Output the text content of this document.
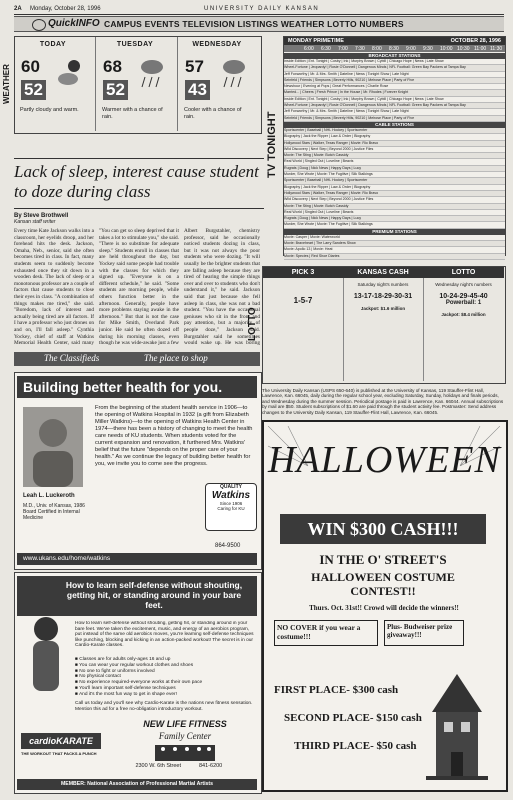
2A Monday, October 28, 1996	UNIVERSITY DAILY KANSAN
QuickINFO CAMPUS EVENTS TELEVISION LISTINGS WEATHER LOTTO NUMBERS
WEATHER
TODAY
60
52
Partly cloudy and warm.
TUESDAY
68
52
Warmer with a chance of rain.
WEDNESDAY
57
43
Cooler with a chance of rain.	TV TONIGHT
MONDAY PRIMETIME	OCTOBER 28, 1996
6:00 6:30 7:00 7:30 8:00 8:30 9:00 9:30 10:00 10:30 11:00 11:30
BROADCAST STATIONS
Inside Edition | Ent. Tonight | Cosby | Ink | Murphy Brown | Cybill | Chicago Hope | News | Late Show
Wheel-Fortune | Jeopardy! | Rosie O'Donnell | Dangerous Minds | NFL Football: Green Bay Packers at Tampa Bay
Jeff Foxworthy | Mr. & Mrs. Smith | Dateline | News | Tonight Show | Late Night
Seinfeld | Friends | Simpsons | Beverly Hills, 90210 | Melrose Place | Party of Five
Newshour | Evening at Pops | Great Performances | Charlie Rose
Married... | Cheers | Fresh Prince | In the House | Mr. Rhodes | Forever Knight
Inside Edition | Ent. Tonight | Cosby | Ink | Murphy Brown | Cybill | Chicago Hope | News | Late Show
Wheel-Fortune | Jeopardy! | Rosie O'Donnell | Dangerous Minds | NFL Football: Green Bay Packers at Tampa Bay
Jeff Foxworthy | Mr. & Mrs. Smith | Dateline | News | Tonight Show | Late Night
Seinfeld | Friends | Simpsons | Beverly Hills, 90210 | Melrose Place | Party of Five
CABLE STATIONS
Sportscenter | Baseball | NHL Hockey | Sportscenter
Biography | Jack the Ripper | Law & Order | Biography
Hollywood Stars | Walker, Texas Ranger | Movie: Rio Bravo
Wild Discovery | Next Step | Beyond 2000 | Justice Files
Movie: The Sting | Movie: Butch Cassidy
Real World | Singled Out | Loveline | Beavis
Rugrats | Doug | Nick News | Happy Days | Lucy
Murder, She Wrote | Movie: The Fugitive | Silk Stalkings
Sportscenter | Baseball | NHL Hockey | Sportscenter
Biography | Jack the Ripper | Law & Order | Biography
Hollywood Stars | Walker, Texas Ranger | Movie: Rio Bravo
Wild Discovery | Next Step | Beyond 2000 | Justice Files
Movie: The Sting | Movie: Butch Cassidy
Real World | Singled Out | Loveline | Beavis
Rugrats | Doug | Nick News | Happy Days | Lucy
Murder, She Wrote | Movie: The Fugitive | Silk Stalkings
PREMIUM STATIONS
Movie: Casper | Movie: Waterworld
Movie: Braveheart | The Larry Sanders Show
Movie: Apollo 13 | Movie: Heat
Movie: Species | Red Shoe Diaries
Lack of sleep, interest cause student to doze during class
By Steve Brothwell
Kansan staff writer
Every time Kate Jackson walks into a classroom, her eyelids droop, and her forehead hits the desk. Jackson, Omaha, Neb., senior, said she often becomes tired in class. In fact, many students seem to suddenly become exhausted once they sit down in a wooden desk. The lack of sleep or a monotonous professor are a couple of factors that cause students to close their eyes in class. "A combination of things makes me tired," she said. "Boredom, lack of interest and actually being tired are all factors. If I have a professor who just drones on and on, I'll fall asleep." Cynthia Yockey, chief of staff at Watkins Memorial Health Center, said many
"You can get so sleep deprived that it takes a lot to stimulate you," she said. "There is no substitute for adequate sleep." Students enroll in classes that are held throughout the day, but Yockey said some people had trouble with the classes for which they signed up. "Everyone is on a different schedule," he said. "Some students are morning people, while others function better in the afternoon. Generally, people have more problems staying awake in the afternoon." But that is not the case for Mike Smith, Overland Park junior. He said he often dozed off during his morning classes, even though he was wide-awake just a few
Albert Burgstahler, chemistry professor, said he occasionally noticed students dozing in class, but it was not always the poor students who were dozing. "It will usually be the brighter students that are falling asleep because they are tired of hearing the simple things over and over to students who don't understand it," he said. Jackson said that just because she fell asleep in class, she was not a bad student. "You have the occasional geniuses who sit in the front and pay attention, but a majority of people doze," Jackson said. Burgstahler said he sometimes would wake up. He was boring
LOTTO
PICK 3
1-5-7
KANSAS CASH
Saturday night's numbers
13-17-18-29-30-31
Jackpot: $1.6 million
LOTTO
Wednesday night's numbers
10-24-29-45-40
Powerball: 1
Jackpot: $8.4 million
The University Daily Kansan (USPS 650-640) is published at the University of Kansas, 119 Stauffer-Flint Hall, Lawrence, Kan. 66045, daily during the regular school year, excluding Saturday, Sunday, holidays and finals periods, and Wednesday during the summer session. Periodical postage is paid in Lawrence, Kan. 66044. Annual subscriptions by mail are $50. Student subscriptions of $1.60 are paid through the student activity fee. Postmaster: Send address changes to the University Daily Kansan, 119 Stauffer-Flint Hall, Lawrence, Kan. 66045.
The Classifieds	The place to shop
Building better health for you.
Leah L. Luckeroth
M.D., Univ. of Kansas, 1986
Board Certified in Internal Medicine
From the beginning of the student health service in 1906—to the opening of Watkins Hospital in 1932 (a gift from Elizabeth Miller Watkins)—to the opening of Watkins Health Center in 1974—there has been a history of changing to meet the health care needs of KU students. When students voted for the current expansion and renovation, it furthered Mrs. Watkins' belief that the future "depends on the proper care of your health." As we continue the legacy of building better health for you, we invite you to come see the progress.
QUALITY
Watkins
Since 1906
Caring for KU
864-9500
www.ukans.edu/home/watkins
How to learn self-defense without shouting, getting hit, or standing around in your bare feet.
How to learn self-defense without shouting, getting hit, or standing around in your bare feet. We've taken the excitement, music, and energy of an aerobics program, put instead of the same old aerobics moves, you're learning self-defense techniques like punching, blocking and kicking in an action-packed workout! The secret is in our Cardio-Karate classes.
■ Classes are for adults only-ages 16 and up
■ You can wear your regular workout clothes and shoes
■ No one to fight or uniforms involved
■ No physical contact
■ No experience required-everyone works at their own pace
■ You'll learn important self-defense techniques
■ And it's the most fun way to get in shape ever!
Call us today and you'll see why Cardio-Karate is the nations new fitness sensation. Mention this ad for a free no-obligation introductory workout.
NEW LIFE FITNESS
Family Center
2300 W. 6th Street	841-6200
cardioKARATE
THE WORKOUT THAT PACKS A PUNCH
MEMBER: National Association of Professional Martial Artists
HALLOWEEN
WIN $300 CASH!!!
IN THE O' STREET'S
HALLOWEEN COSTUME CONTEST!!
Thurs. Oct. 31st!! Crowd will decide the winners!!
NO COVER if you wear a costume!!!
Plus- Budweiser prize giveaway!!!
FIRST PLACE- $300 cash
SECOND PLACE- $150 cash
THIRD PLACE- $50 cash
